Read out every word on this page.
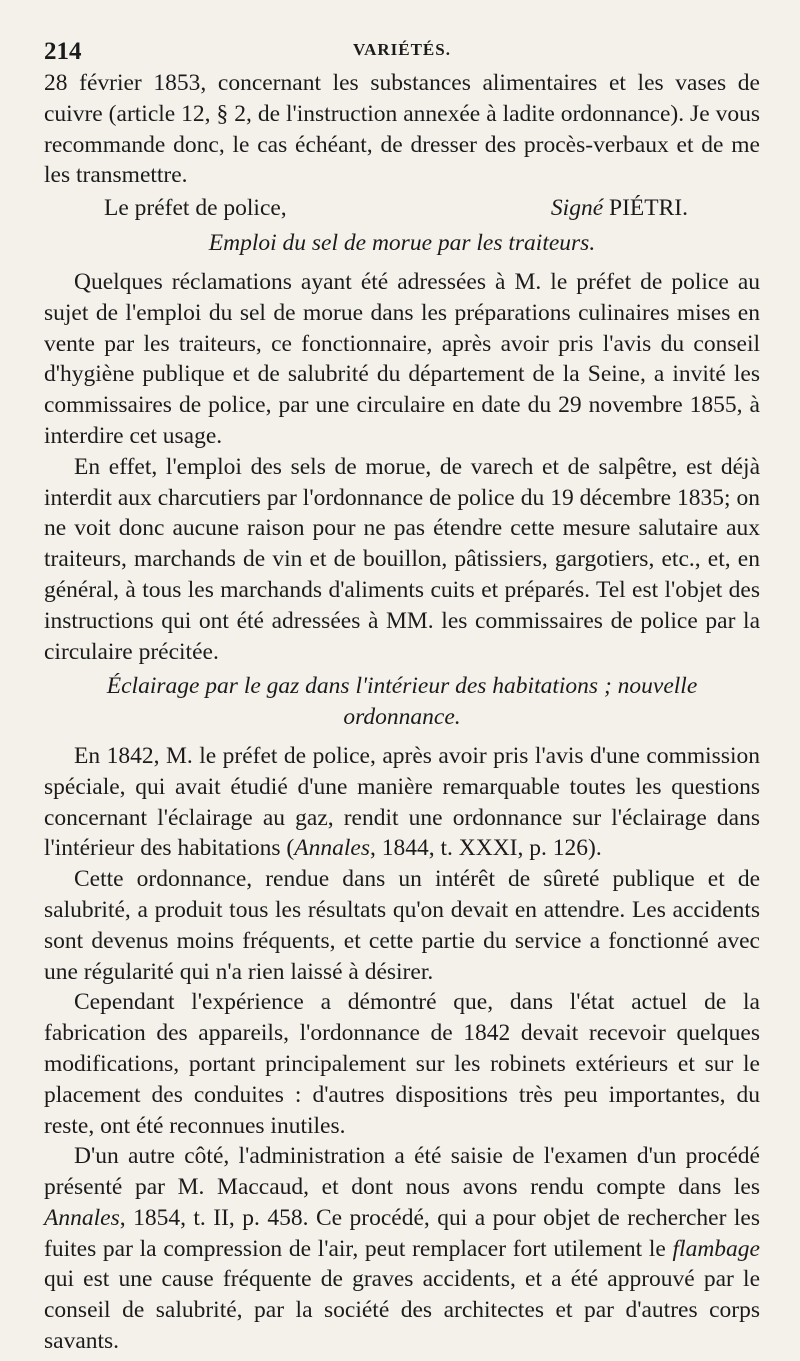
214	VARIÉTÉS.

28 février 1853, concernant les substances alimentaires et les vases de cuivre (article 12, § 2, de l'instruction annexée à ladite ordonnance). Je vous recommande donc, le cas échéant, de dresser des procès-verbaux et de me les transmettre.

Le préfet de police,	Signé PIÉTRI.
Emploi du sel de morue par les traiteurs.

Quelques réclamations ayant été adressées à M. le préfet de police au sujet de l'emploi du sel de morue dans les préparations culinaires mises en vente par les traiteurs, ce fonctionnaire, après avoir pris l'avis du conseil d'hygiène publique et de salubrité du département de la Seine, a invité les commissaires de police, par une circulaire en date du 29 novembre 1855, à interdire cet usage.

En effet, l'emploi des sels de morue, de varech et de salpêtre, est déjà interdit aux charcutiers par l'ordonnance de police du 19 décembre 1835; on ne voit donc aucune raison pour ne pas étendre cette mesure salutaire aux traiteurs, marchands de vin et de bouillon, pâtissiers, gargotiers, etc., et, en général, à tous les marchands d'aliments cuits et préparés. Tel est l'objet des instructions qui ont été adressées à MM. les commissaires de police par la circulaire précitée.

Éclairage par le gaz dans l'intérieur des habitations ; nouvelle
ordonnance.

En 1842, M. le préfet de police, après avoir pris l'avis d'une commission spéciale, qui avait étudié d'une manière remarquable toutes les questions concernant l'éclairage au gaz, rendit une ordonnance sur l'éclairage dans l'intérieur des habitations (Annales, 1844, t. XXXI, p. 126).

Cette ordonnance, rendue dans un intérêt de sûreté publique et de salubrité, a produit tous les résultats qu'on devait en attendre. Les accidents sont devenus moins fréquents, et cette partie du service a fonctionné avec une régularité qui n'a rien laissé à désirer.

Cependant l'expérience a démontré que, dans l'état actuel de la fabrication des appareils, l'ordonnance de 1842 devait recevoir quelques modifications, portant principalement sur les robinets extérieurs et sur le placement des conduites : d'autres dispositions très peu importantes, du reste, ont été reconnues inutiles.

D'un autre côté, l'administration a été saisie de l'examen d'un procédé présenté par M. Maccaud, et dont nous avons rendu compte dans les Annales, 1854, t. II, p. 458. Ce procédé, qui a pour objet de rechercher les fuites par la compression de l'air, peut remplacer fort utilement le flambage qui est une cause fréquente de graves accidents, et a été approuvé par le conseil de salubrité, par la société des architectes et par d'autres corps savants.
